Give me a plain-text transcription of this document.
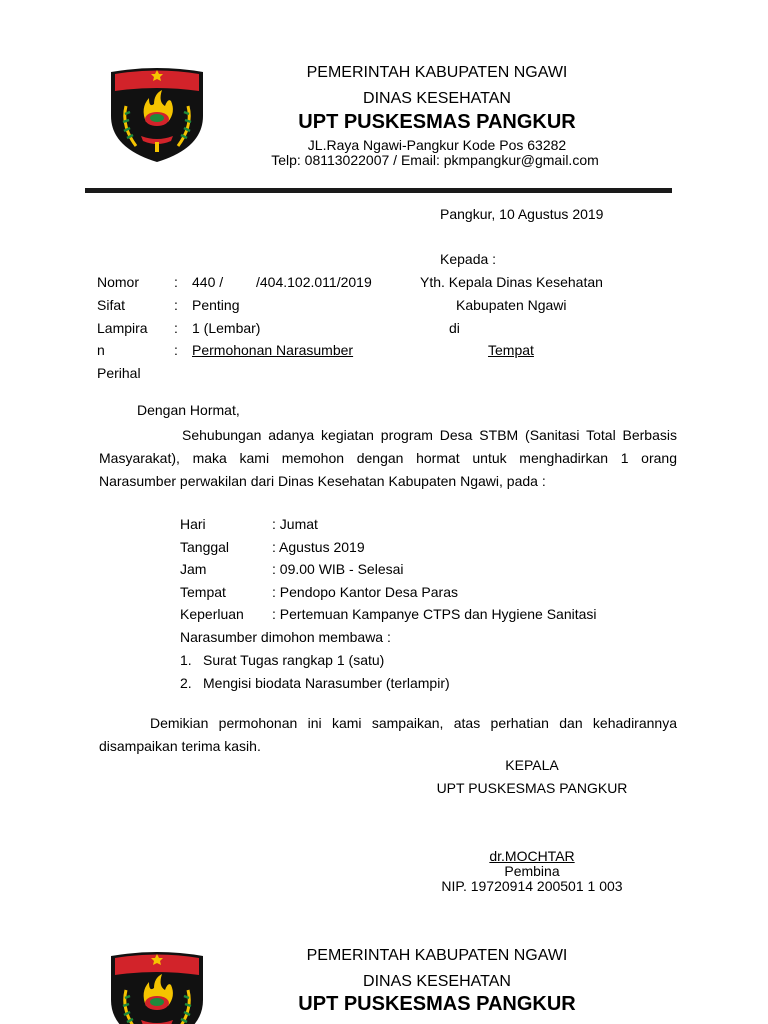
PEMERINTAH KABUPATEN NGAWI
DINAS KESEHATAN
UPT PUSKESMAS PANGKUR
JL.Raya Ngawi-Pangkur Kode Pos 63282
Telp: 08113022007 / Email: pkmpangkur@gmail.com
Pangkur, 10 Agustus 2019
Kepada :
Yth. Kepala Dinas Kesehatan
Kabupaten Ngawi
di
Tempat
Nomor : 440 / /404.102.011/2019
Sifat	: Penting
Lampira : 1 (Lembar)
n	: Permohonan Narasumber
Perihal
Dengan Hormat,
Sehubungan adanya kegiatan program Desa STBM (Sanitasi Total Berbasis Masyarakat), maka kami memohon dengan hormat untuk menghadirkan 1 orang Narasumber perwakilan dari Dinas Kesehatan Kabupaten Ngawi, pada :
Hari	: Jumat
Tanggal	: Agustus 2019
Jam	: 09.00 WIB - Selesai
Tempat	: Pendopo Kantor Desa Paras
Keperluan : Pertemuan Kampanye CTPS dan Hygiene Sanitasi
Narasumber dimohon membawa :
1. Surat Tugas rangkap 1 (satu)
2. Mengisi biodata Narasumber (terlampir)
Demikian permohonan ini kami sampaikan, atas perhatian dan kehadirannya disampaikan terima kasih.
KEPALA
UPT PUSKESMAS PANGKUR
dr.MOCHTAR
Pembina
NIP. 19720914 200501 1 003
PEMERINTAH KABUPATEN NGAWI
DINAS KESEHATAN
UPT PUSKESMAS PANGKUR
